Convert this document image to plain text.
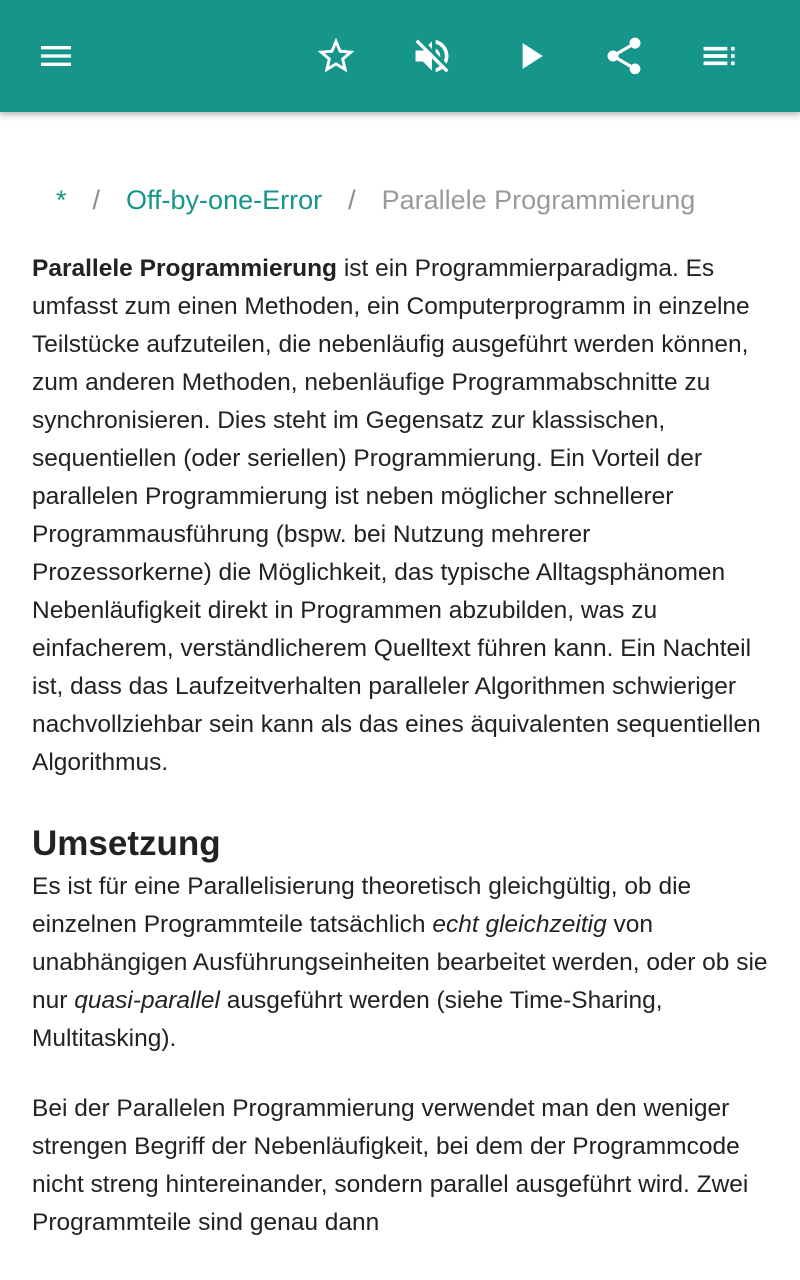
* / Off-by-one-Error / Parallele Programmierung

Parallele Programmierung ist ein Programmierparadigma. Es umfasst zum einen Methoden, ein Computerprogramm in einzelne Teilstücke aufzuteilen, die nebenläufig ausgeführt werden können, zum anderen Methoden, nebenläufige Programmabschnitte zu synchronisieren. Dies steht im Gegensatz zur klassischen, sequentiellen (oder seriellen) Programmierung. Ein Vorteil der parallelen Programmierung ist neben möglicher schnellerer Programmausführung (bspw. bei Nutzung mehrerer Prozessorkerne) die Möglichkeit, das typische Alltagsphänomen Nebenläufigkeit direkt in Programmen abzubilden, was zu einfacherem, verständlicherem Quelltext führen kann. Ein Nachteil ist, dass das Laufzeitverhalten paralleler Algorithmen schwieriger nachvollziehbar sein kann als das eines äquivalenten sequentiellen Algorithmus.

Umsetzung

Es ist für eine Parallelisierung theoretisch gleichgültig, ob die einzelnen Programmteile tatsächlich echt gleichzeitig von unabhängigen Ausführungseinheiten bearbeitet werden, oder ob sie nur quasi-parallel ausgeführt werden (siehe Time-Sharing, Multitasking).

Bei der Parallelen Programmierung verwendet man den weniger strengen Begriff der Nebenläufigkeit, bei dem der Programmcode nicht streng hintereinander, sondern parallel ausgeführt wird. Zwei Programmteile sind genau dann
